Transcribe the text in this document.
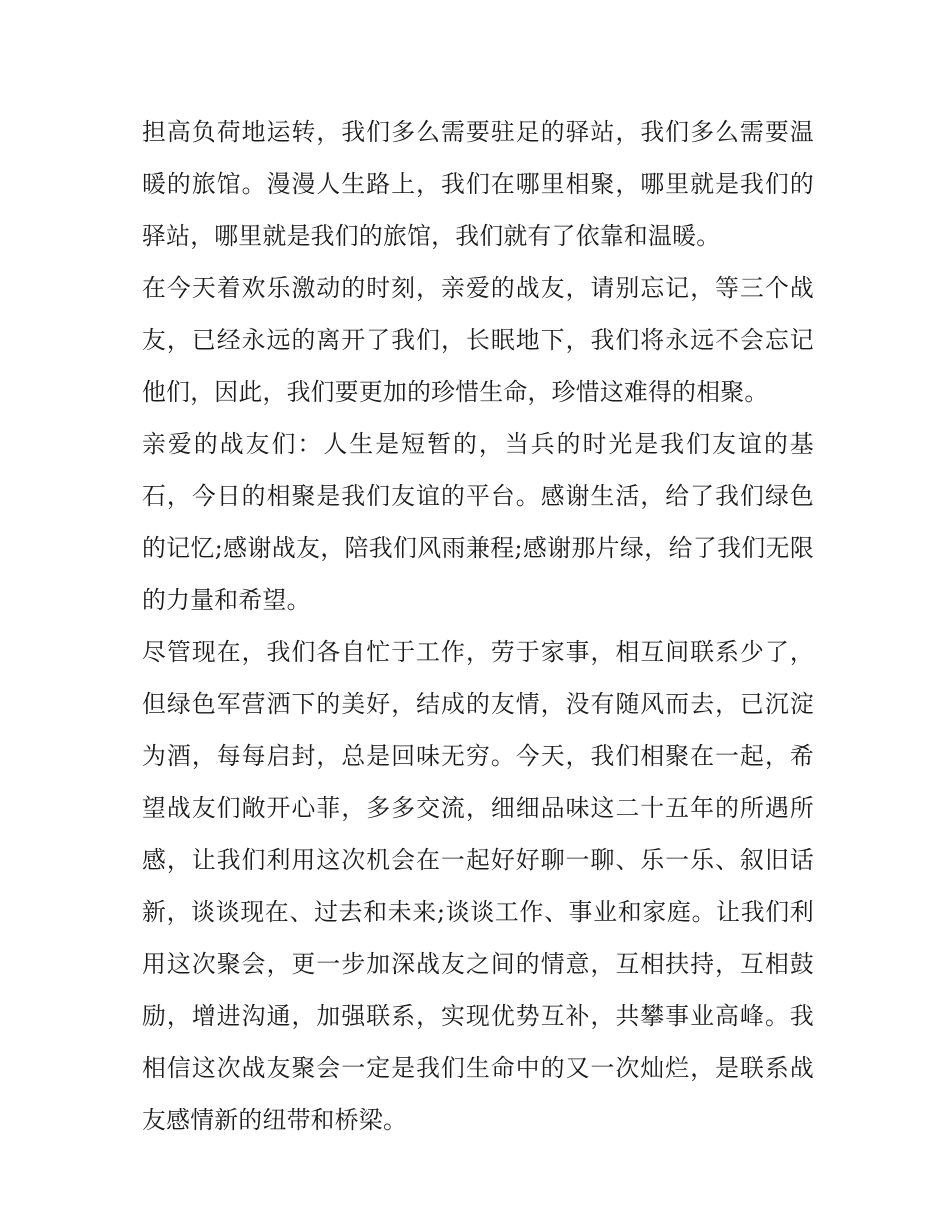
担高负荷地运转，我们多么需要驻足的驿站，我们多么需要温暖的旅馆。漫漫人生路上，我们在哪里相聚，哪里就是我们的驿站，哪里就是我们的旅馆，我们就有了依靠和温暖。

在今天着欢乐激动的时刻，亲爱的战友，请别忘记，等三个战友，已经永远的离开了我们，长眠地下，我们将永远不会忘记他们，因此，我们要更加的珍惜生命，珍惜这难得的相聚。

亲爱的战友们：人生是短暂的，当兵的时光是我们友谊的基石，今日的相聚是我们友谊的平台。感谢生活，给了我们绿色的记忆;感谢战友，陪我们风雨兼程;感谢那片绿，给了我们无限的力量和希望。

尽管现在，我们各自忙于工作，劳于家事，相互间联系少了，但绿色军营洒下的美好，结成的友情，没有随风而去，已沉淀为酒，每每启封，总是回味无穷。今天，我们相聚在一起，希望战友们敞开心菲，多多交流，细细品味这二十五年的所遇所感，让我们利用这次机会在一起好好聊一聊、乐一乐、叙旧话新，谈谈现在、过去和未来;谈谈工作、事业和家庭。让我们利用这次聚会，更一步加深战友之间的情意，互相扶持，互相鼓励，增进沟通，加强联系，实现优势互补，共攀事业高峰。我相信这次战友聚会一定是我们生命中的又一次灿烂，是联系战友感情新的纽带和桥梁。
